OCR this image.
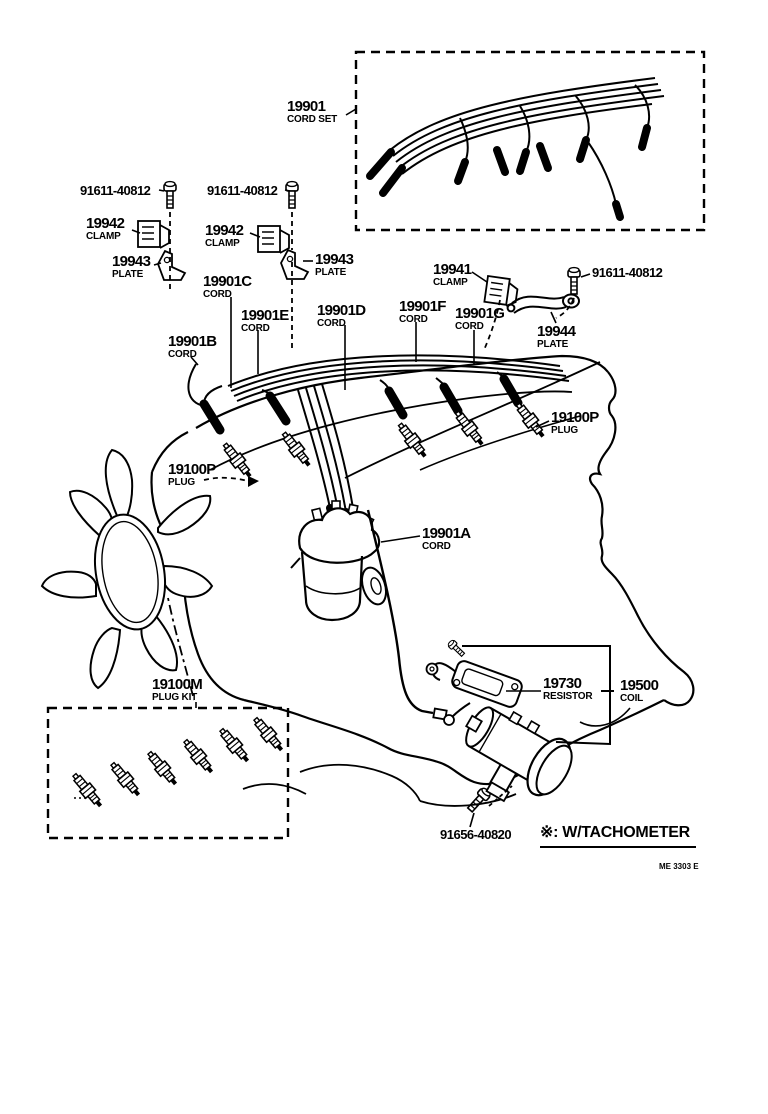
19901
CORD SET
91611-40812
19942
CLAMP
19943
PLATE
91611-40812
19942
CLAMP
19943
PLATE
19901C
CORD
19901E
CORD
19901D
CORD
19901F
CORD	19901G
CORD
19941
CLAMP
19944
PLATE
91611-40812
19901B
CORD
19100P
PLUG
19100P
PLUG
19901A
CORD
19100M
PLUG KIT
19730
RESISTOR
19500
COIL
91656-40820 ※: W/TACHOMETER
ME 3303 E
